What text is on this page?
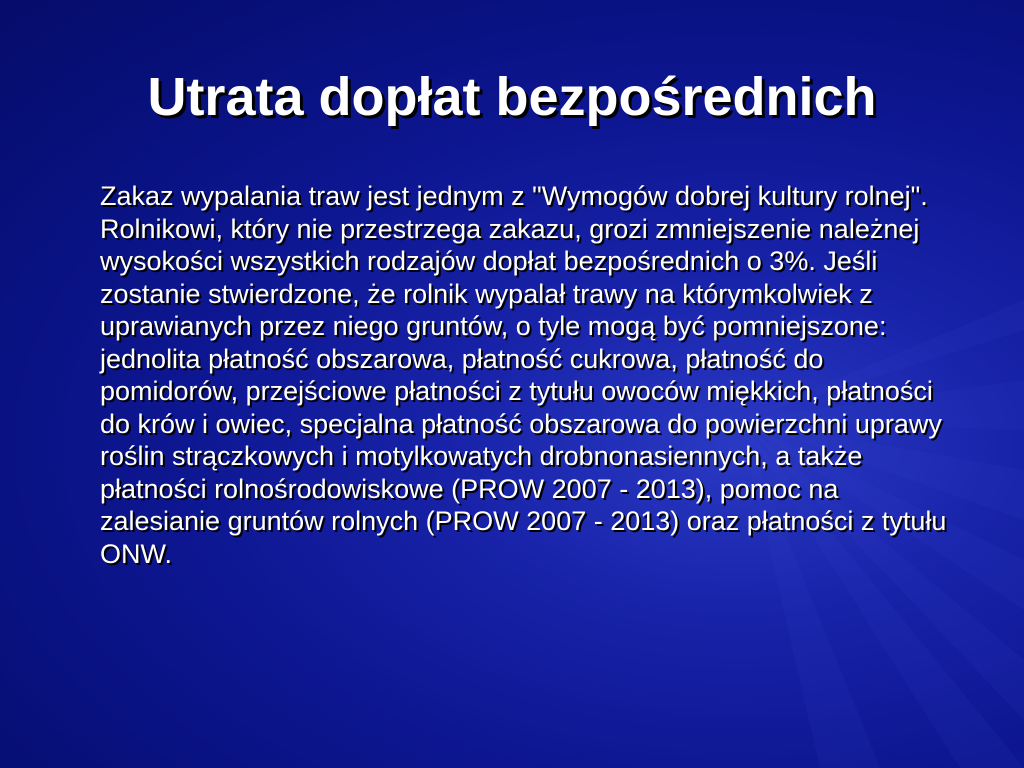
Utrata dopłat bezpośrednich

Zakaz wypalania traw jest jednym z "Wymogów dobrej kultury rolnej". Rolnikowi, który nie przestrzega zakazu, grozi zmniejszenie należnej wysokości wszystkich rodzajów dopłat bezpośrednich o 3%. Jeśli zostanie stwierdzone, że rolnik wypalał trawy na którymkolwiek z uprawianych przez niego gruntów, o tyle mogą być pomniejszone: jednolita płatność obszarowa, płatność cukrowa, płatność do pomidorów, przejściowe płatności z tytułu owoców miękkich, płatności do krów i owiec, specjalna płatność obszarowa do powierzchni uprawy roślin strączkowych i motylkowatych drobnonasiennych, a także płatności rolnośrodowiskowe (PROW 2007 - 2013), pomoc na zalesianie gruntów rolnych (PROW 2007 - 2013) oraz płatności z tytułu ONW.
